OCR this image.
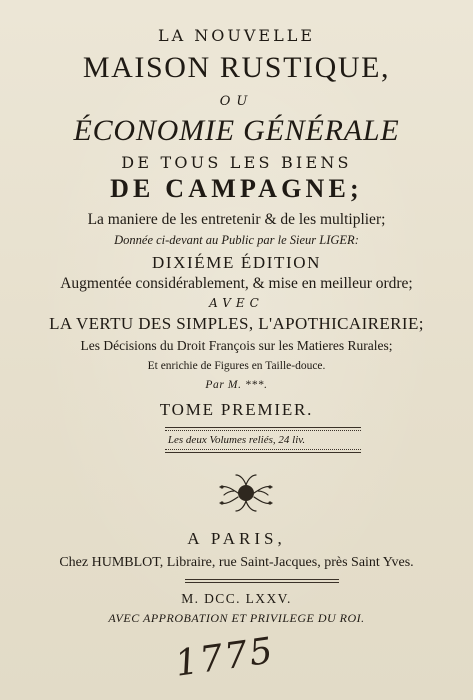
LA NOUVELLE
MAISON RUSTIQUE,
OU
ÉCONOMIE GÉNÉRALE
DE TOUS LES BIENS
DE CAMPAGNE;
La maniere de les entretenir & de les multiplier;
Donnée ci-devant au Public par le Sieur LIGER:
DIXIÉME ÉDITION
Augmentée considérablement, & mise en meilleur ordre;
AVEC
LA VERTU DES SIMPLES, L'APOTHICAIRERIE;
Les Décisions du Droit François sur les Matieres Rurales;
Et enrichie de Figures en Taille-douce.
Par M. ***.
TOME PREMIER.
Les deux Volumes reliés, 24 liv.
A PARIS,
Chez HUMBLOT, Libraire, rue Saint-Jacques, près Saint Yves.
M. DCC. LXXV.
AVEC APPROBATION ET PRIVILEGE DU ROI.
1775
